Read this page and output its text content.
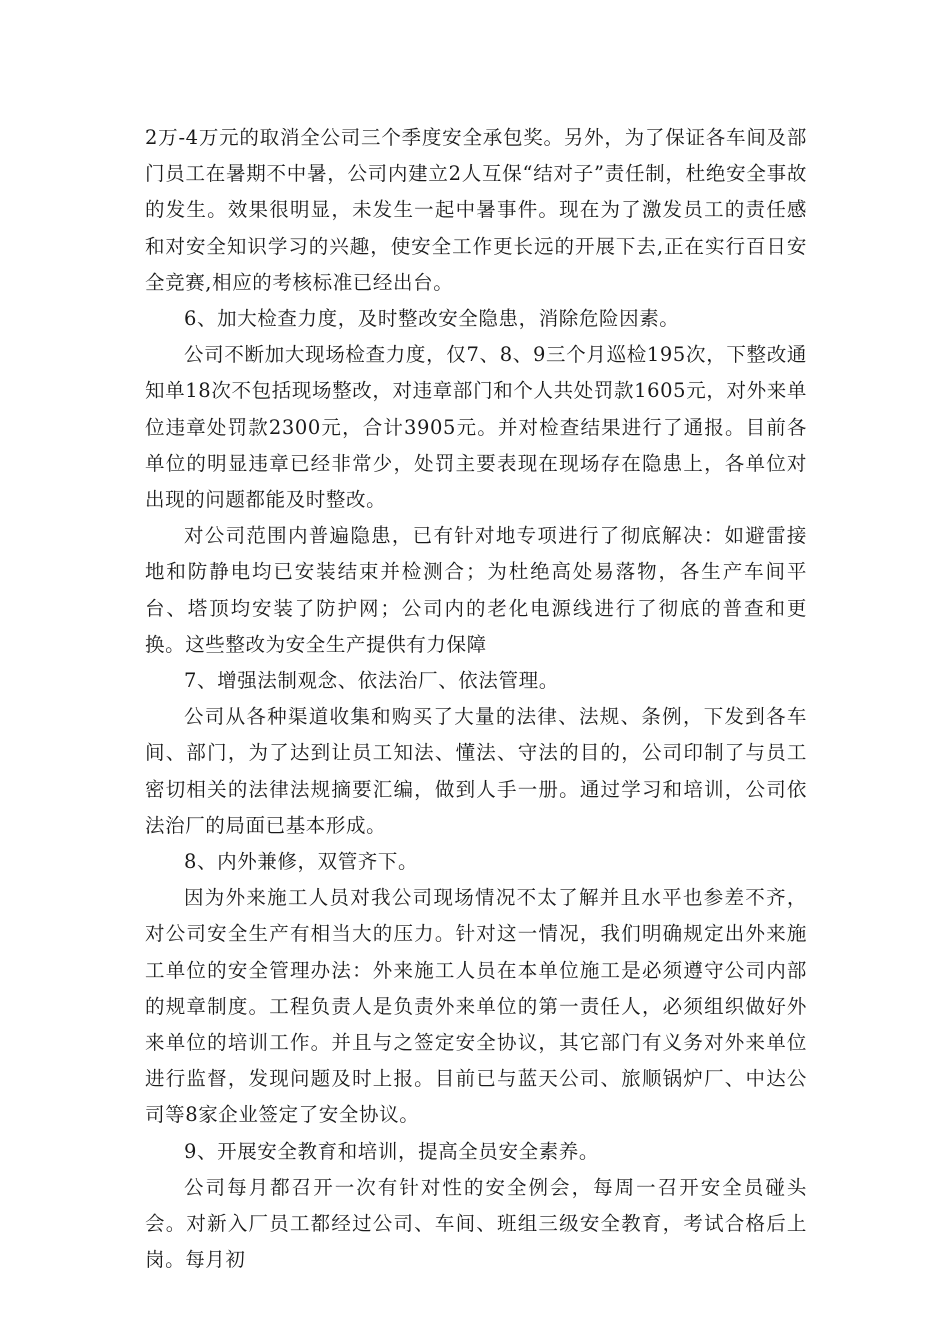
2万-4万元的取消全公司三个季度安全承包奖。另外，为了保证各车间及部门员工在暑期不中暑，公司内建立2人互保“结对子”责任制，杜绝安全事故的发生。效果很明显，未发生一起中暑事件。现在为了激发员工的责任感和对安全知识学习的兴趣，使安全工作更长远的开展下去,正在实行百日安全竞赛,相应的考核标准已经出台。

6、加大检查力度，及时整改安全隐患，消除危险因素。

公司不断加大现场检查力度，仅7、8、9三个月巡检195次，下整改通知单18次不包括现场整改，对违章部门和个人共处罚款1605元，对外来单位违章处罚款2300元，合计3905元。并对检查结果进行了通报。目前各单位的明显违章已经非常少，处罚主要表现在现场存在隐患上，各单位对出现的问题都能及时整改。

对公司范围内普遍隐患，已有针对地专项进行了彻底解决：如避雷接地和防静电均已安装结束并检测合；为杜绝高处易落物，各生产车间平台、塔顶均安装了防护网；公司内的老化电源线进行了彻底的普查和更换。这些整改为安全生产提供有力保障

7、增强法制观念、依法治厂、依法管理。

公司从各种渠道收集和购买了大量的法律、法规、条例，下发到各车间、部门，为了达到让员工知法、懂法、守法的目的，公司印制了与员工密切相关的法律法规摘要汇编，做到人手一册。通过学习和培训，公司依法治厂的局面已基本形成。

8、内外兼修，双管齐下。

因为外来施工人员对我公司现场情况不太了解并且水平也参差不齐，对公司安全生产有相当大的压力。针对这一情况，我们明确规定出外来施工单位的安全管理办法：外来施工人员在本单位施工是必须遵守公司内部的规章制度。工程负责人是负责外来单位的第一责任人，必须组织做好外来单位的培训工作。并且与之签定安全协议，其它部门有义务对外来单位进行监督，发现问题及时上报。目前已与蓝天公司、旅顺锅炉厂、中达公司等8家企业签定了安全协议。

9、开展安全教育和培训，提高全员安全素养。

公司每月都召开一次有针对性的安全例会，每周一召开安全员碰头会。对新入厂员工都经过公司、车间、班组三级安全教育，考试合格后上岗。每月初
